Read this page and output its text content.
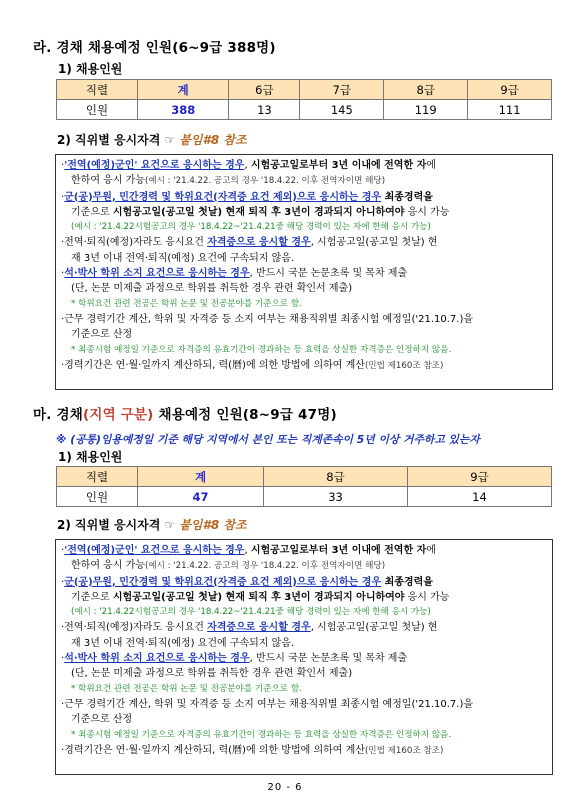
라. 경채 채용예정 인원(6~9급 388명)
1) 채용인원
직렬	계	6급	7급	8급	9급
인원	388	13	145	119	111
2) 직위별 응시자격 ☞ 붙임#8 참조

·'전역(예정)군인' 요건으로 응시하는 경우, 시험공고일로부터 3년 이내에 전역한 자에

한하여 응시 가능(예시 : '21.4.22. 공고의 경우 '18.4.22. 이후 전역자이면 해당)

·군(공)무원, 민간경력 및 학위요건(자격증 요건 제외)으로 응시하는 경우 최종경력을

기준으로 시험공고일(공고일 첫날) 현재 퇴직 후 3년이 경과되지 아니하여야 응시 가능

(예시 : '21.4.22시험공고의 경우 '18.4.22~'21.4.21중 해당 경력이 있는 자에 한해 응시 가능)

·전역·퇴직(예정)자라도 응시요건 자격증으로 응시할 경우, 시험공고일(공고일 첫날) 현

재 3년 이내 전역·퇴직(예정) 요건에 구속되지 않음.

·석·박사 학위 소지 요건으로 응시하는 경우, 반드시 국문 논문초록 및 목차 제출

(단, 논문 미제출 과정으로 학위를 취득한 경우 관련 확인서 제출)

* 학위요건 관련 전공은 학위 논문 및 전공분야를 기준으로 함.

·근무 경력기간 계산, 학위 및 자격증 등 소지 여부는 채용직위별 최종시험 예정일('21.10.7.)을

기준으로 산정

* 최종시험 예정일 기준으로 자격증의 유효기간이 경과하는 등 효력을 상실한 자격증은 인정하지 않음.

·경력기간은 연·월·일까지 계산하되, 력(曆)에 의한 방법에 의하여 계산(민법 제160조 참조)

마. 경채(지역 구분) 채용예정 인원(8~9급 47명)
※ (공통)임용예정일 기준 해당 지역에서 본인 또는 직계존속이 5년 이상 거주하고 있는자
1) 채용인원
직렬	계	8급	9급
인원	47	33	14
2) 직위별 응시자격 ☞ 붙임#8 참조

·'전역(예정)군인' 요건으로 응시하는 경우, 시험공고일로부터 3년 이내에 전역한 자에

한하여 응시 가능(예시 : '21.4.22. 공고의 경우 '18.4.22. 이후 전역자이면 해당)

·군(공)무원, 민간경력 및 학위요건(자격증 요건 제외)으로 응시하는 경우 최종경력을

기준으로 시험공고일(공고일 첫날) 현재 퇴직 후 3년이 경과되지 아니하여야 응시 가능

(예시 : '21.4.22시험공고의 경우 '18.4.22~'21.4.21중 해당 경력이 있는 자에 한해 응시 가능)

·전역·퇴직(예정)자라도 응시요건 자격증으로 응시할 경우, 시험공고일(공고일 첫날) 현

재 3년 이내 전역·퇴직(예정) 요건에 구속되지 않음.

·석·박사 학위 소지 요건으로 응시하는 경우, 반드시 국문 논문초록 및 목차 제출

(단, 논문 미제출 과정으로 학위를 취득한 경우 관련 확인서 제출)

* 학위요건 관련 전공은 학위 논문 및 전공분야를 기준으로 함.

·근무 경력기간 계산, 학위 및 자격증 등 소지 여부는 채용직위별 최종시험 예정일('21.10.7.)을

기준으로 산정

* 최종시험 예정일 기준으로 자격증의 유효기간이 경과하는 등 효력을 상실한 자격증은 인정하지 않음.

·경력기간은 연·월·일까지 계산하되, 력(曆)에 의한 방법에 의하여 계산(민법 제160조 참조)

20 - 6
